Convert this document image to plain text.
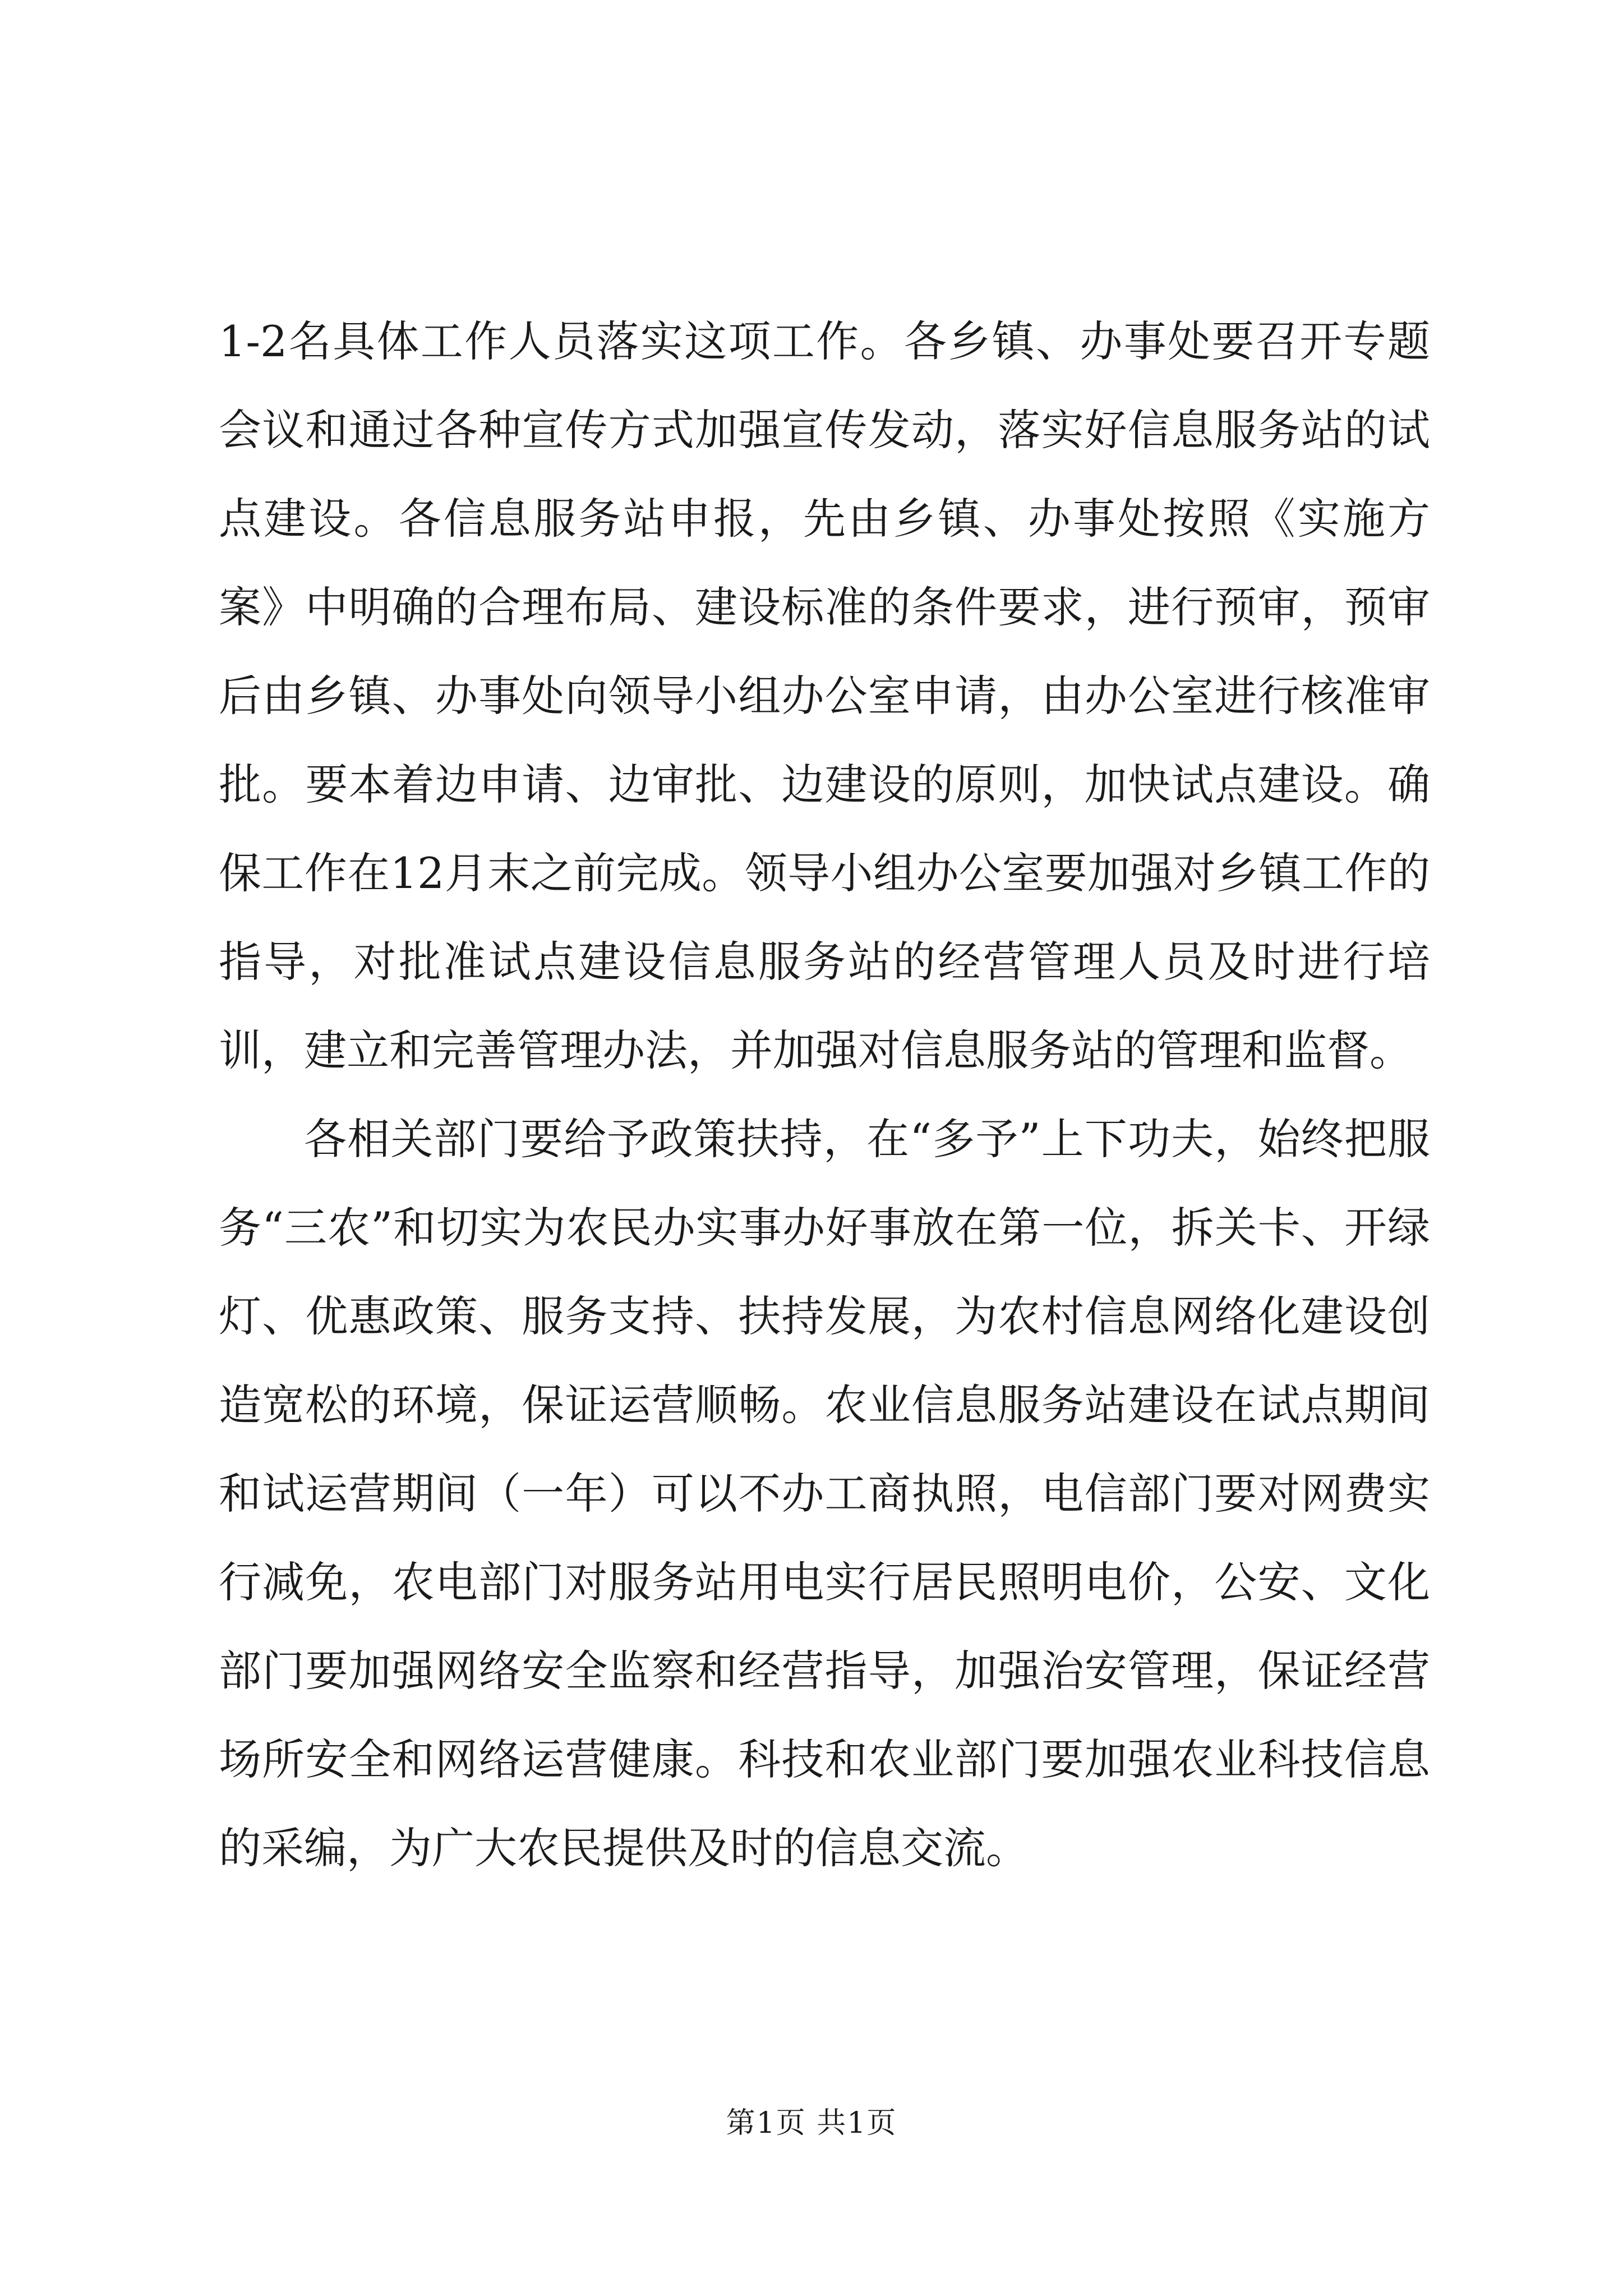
1-2名具体工作人员落实这项工作。各乡镇、办事处要召开专题会议和通过各种宣传方式加强宣传发动，落实好信息服务站的试点建设。各信息服务站申报，先由乡镇、办事处按照《实施方案》中明确的合理布局、建设标准的条件要求，进行预审，预审后由乡镇、办事处向领导小组办公室申请，由办公室进行核准审批。要本着边申请、边审批、边建设的原则，加快试点建设。确保工作在12月末之前完成。领导小组办公室要加强对乡镇工作的指导，对批准试点建设信息服务站的经营管理人员及时进行培训，建立和完善管理办法，并加强对信息服务站的管理和监督。

各相关部门要给予政策扶持，在“多予”上下功夫，始终把服务“三农”和切实为农民办实事办好事放在第一位，拆关卡、开绿灯、优惠政策、服务支持、扶持发展，为农村信息网络化建设创造宽松的环境，保证运营顺畅。农业信息服务站建设在试点期间和试运营期间（一年）可以不办工商执照，电信部门要对网费实行减免，农电部门对服务站用电实行居民照明电价，公安、文化部门要加强网络安全监察和经营指导，加强治安管理，保证经营场所安全和网络运营健康。科技和农业部门要加强农业科技信息的采编，为广大农民提供及时的信息交流。

第1页 共1页
